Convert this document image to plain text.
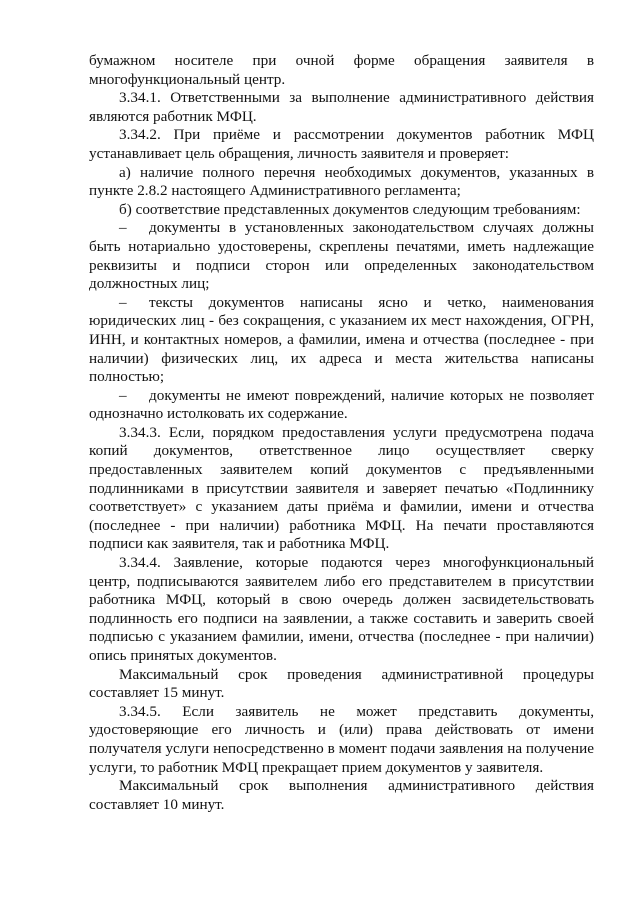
бумажном носителе при очной форме обращения заявителя в многофункциональный центр.

3.34.1. Ответственными за выполнение административного действия являются работник МФЦ.

3.34.2. При приёме и рассмотрении документов работник МФЦ устанавливает цель обращения, личность заявителя и проверяет:

а) наличие полного перечня необходимых документов, указанных в пункте 2.8.2 настоящего Административного регламента;

б) соответствие представленных документов следующим требованиям:

– документы в установленных законодательством случаях должны быть нотариально удостоверены, скреплены печатями, иметь надлежащие реквизиты и подписи сторон или определенных законодательством должностных лиц;

– тексты документов написаны ясно и четко, наименования юридических лиц - без сокращения, с указанием их мест нахождения, ОГРН, ИНН, и контактных номеров, а фамилии, имена и отчества (последнее - при наличии) физических лиц, их адреса и места жительства написаны полностью;

– документы не имеют повреждений, наличие которых не позволяет однозначно истолковать их содержание.

3.34.3. Если, порядком предоставления услуги предусмотрена подача копий документов, ответственное лицо осуществляет сверку предоставленных заявителем копий документов с предъявленными подлинниками в присутствии заявителя и заверяет печатью «Подлиннику соответствует» с указанием даты приёма и фамилии, имени и отчества (последнее - при наличии) работника МФЦ. На печати проставляются подписи как заявителя, так и работника МФЦ.

3.34.4. Заявление, которые подаются через многофункциональный центр, подписываются заявителем либо его представителем в присутствии работника МФЦ, который в свою очередь должен засвидетельствовать подлинность его подписи на заявлении, а также составить и заверить своей подписью с указанием фамилии, имени, отчества (последнее - при наличии) опись принятых документов.

Максимальный срок проведения административной процедуры составляет 15 минут.

3.34.5. Если заявитель не может представить документы, удостоверяющие его личность и (или) права действовать от имени получателя услуги непосредственно в момент подачи заявления на получение услуги, то работник МФЦ прекращает прием документов у заявителя.

Максимальный срок выполнения административного действия составляет 10 минут.
